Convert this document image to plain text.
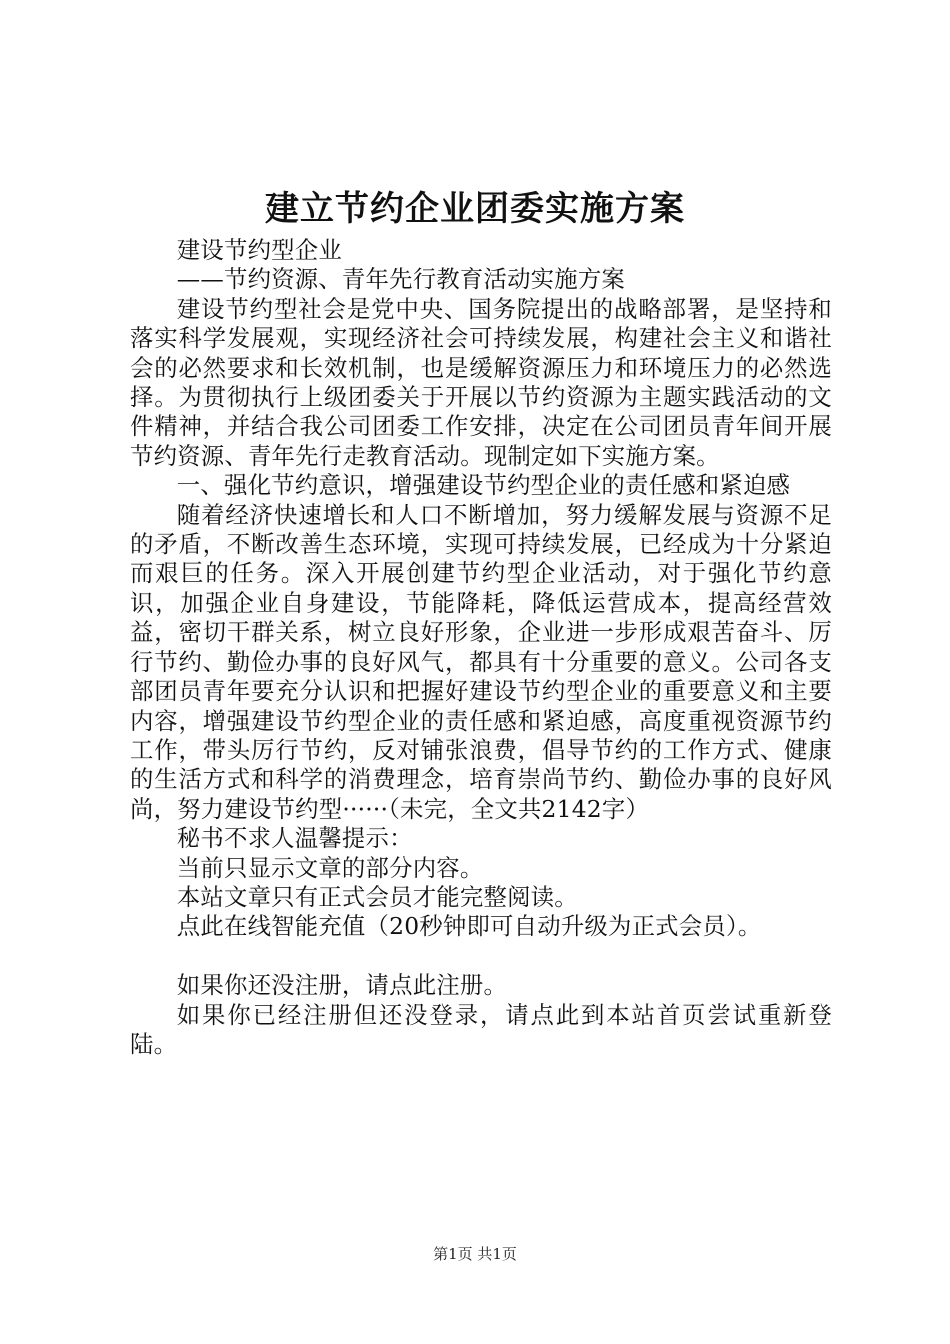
建立节约企业团委实施方案

建设节约型企业

——节约资源、青年先行教育活动实施方案

建设节约型社会是党中央、国务院提出的战略部署，是坚持和落实科学发展观，实现经济社会可持续发展，构建社会主义和谐社会的必然要求和长效机制，也是缓解资源压力和环境压力的必然选择。为贯彻执行上级团委关于开展以节约资源为主题实践活动的文件精神，并结合我公司团委工作安排，决定在公司团员青年间开展节约资源、青年先行走教育活动。现制定如下实施方案。

一、强化节约意识，增强建设节约型企业的责任感和紧迫感

随着经济快速增长和人口不断增加，努力缓解发展与资源不足的矛盾，不断改善生态环境，实现可持续发展，已经成为十分紧迫而艰巨的任务。深入开展创建节约型企业活动，对于强化节约意识，加强企业自身建设，节能降耗，降低运营成本，提高经营效益，密切干群关系，树立良好形象，企业进一步形成艰苦奋斗、厉行节约、勤俭办事的良好风气，都具有十分重要的意义。公司各支部团员青年要充分认识和把握好建设节约型企业的重要意义和主要内容，增强建设节约型企业的责任感和紧迫感，高度重视资源节约工作，带头厉行节约，反对铺张浪费，倡导节约的工作方式、健康的生活方式和科学的消费理念，培育崇尚节约、勤俭办事的良好风尚，努力建设节约型······（未完，全文共2142字）

秘书不求人温馨提示：

当前只显示文章的部分内容。

本站文章只有正式会员才能完整阅读。

点此在线智能充值（20秒钟即可自动升级为正式会员）。

如果你还没注册，请点此注册。

如果你已经注册但还没登录，请点此到本站首页尝试重新登陆。

第1页 共1页
